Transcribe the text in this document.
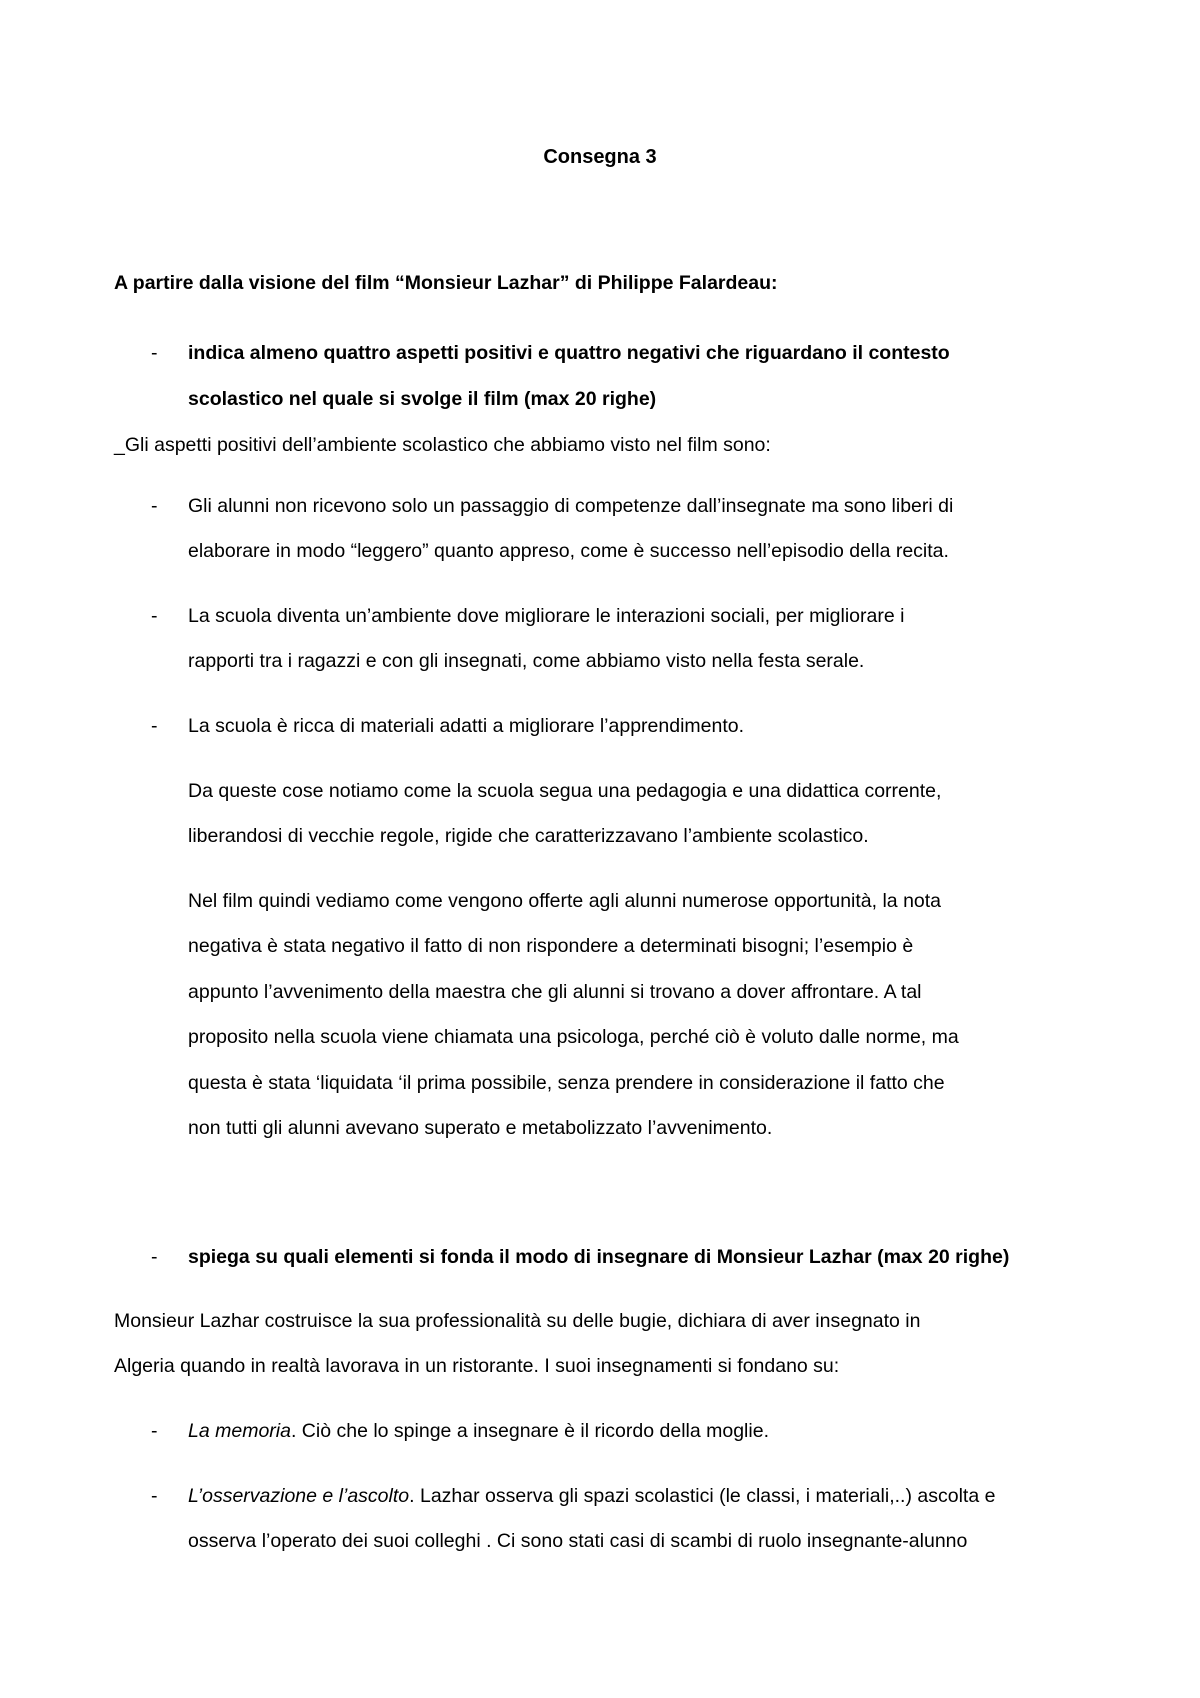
Consegna 3
A partire dalla visione del film “Monsieur Lazhar” di Philippe Falardeau:
- indica almeno quattro aspetti positivi e quattro negativi che riguardano il contesto
scolastico nel quale si svolge il film (max 20 righe)
_Gli aspetti positivi dell’ambiente scolastico che abbiamo visto nel film sono:
- Gli alunni non ricevono solo un passaggio di competenze dall’insegnate ma sono liberi di
elaborare in modo “leggero” quanto appreso, come è successo nell’episodio della recita.
- La scuola diventa un’ambiente dove migliorare le interazioni sociali, per migliorare i
rapporti tra i ragazzi e con gli insegnati, come abbiamo visto nella festa serale.
- La scuola è ricca di materiali adatti a migliorare l’apprendimento.
Da queste cose notiamo come la scuola segua una pedagogia e una didattica corrente,
liberandosi di vecchie regole, rigide che caratterizzavano l’ambiente scolastico.
Nel film quindi vediamo come vengono offerte agli alunni numerose opportunità, la nota
negativa è stata negativo il fatto di non rispondere a determinati bisogni; l’esempio è
appunto l’avvenimento della maestra che gli alunni si trovano a dover affrontare. A tal
proposito nella scuola viene chiamata una psicologa, perché ciò è voluto dalle norme, ma
questa è stata ‘liquidata ‘il prima possibile, senza prendere in considerazione il fatto che
non tutti gli alunni avevano superato e metabolizzato l’avvenimento.
- spiega su quali elementi si fonda il modo di insegnare di Monsieur Lazhar (max 20 righe)
Monsieur Lazhar costruisce la sua professionalità su delle bugie, dichiara di aver insegnato in
Algeria quando in realtà lavorava in un ristorante. I suoi insegnamenti si fondano su:
- La memoria. Ciò che lo spinge a insegnare è il ricordo della moglie.
- L’osservazione e l’ascolto. Lazhar osserva gli spazi scolastici (le classi, i materiali,..) ascolta e
osserva l’operato dei suoi colleghi . Ci sono stati casi di scambi di ruolo insegnante-alunno
